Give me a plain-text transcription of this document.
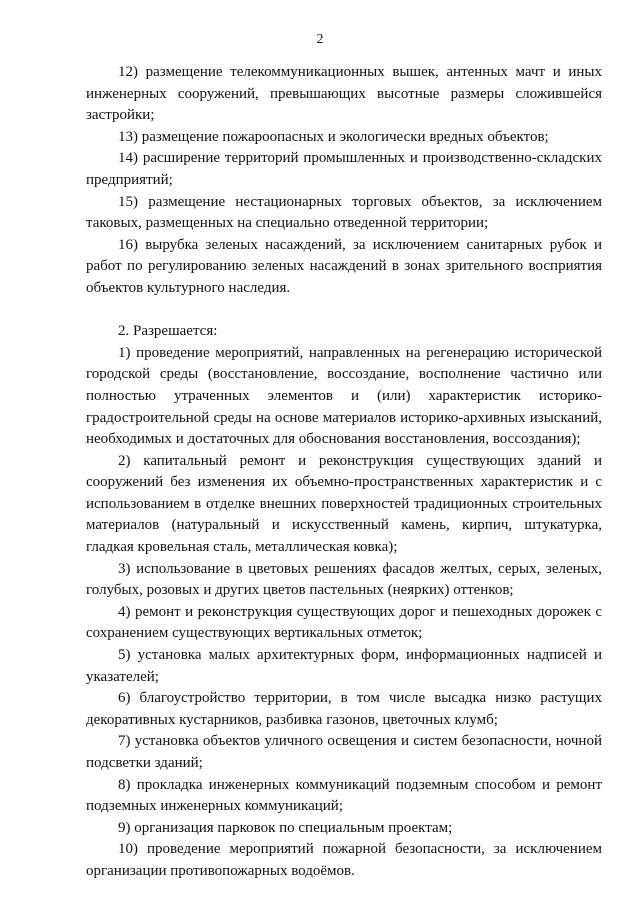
2

12) размещение телекоммуникационных вышек, антенных мачт и иных инженерных сооружений, превышающих высотные размеры сложившейся застройки;

13) размещение пожароопасных и экологически вредных объектов;

14) расширение территорий промышленных и производственно-складских предприятий;

15) размещение нестационарных торговых объектов, за исключением таковых, размещенных на специально отведенной территории;

16) вырубка зеленых насаждений, за исключением санитарных рубок и работ по регулированию зеленых насаждений в зонах зрительного восприятия объектов культурного наследия.

2. Разрешается:

1) проведение мероприятий, направленных на регенерацию исторической городской среды (восстановление, воссоздание, восполнение частично или полностью утраченных элементов и (или) характеристик историко-градостроительной среды на основе материалов историко-архивных изысканий, необходимых и достаточных для обоснования восстановления, воссоздания);

2) капитальный ремонт и реконструкция существующих зданий и сооружений без изменения их объемно-пространственных характеристик и с использованием в отделке внешних поверхностей традиционных строительных материалов (натуральный и искусственный камень, кирпич, штукатурка, гладкая кровельная сталь, металлическая ковка);

3) использование в цветовых решениях фасадов желтых, серых, зеленых, голубых, розовых и других цветов пастельных (неярких) оттенков;

4) ремонт и реконструкция существующих дорог и пешеходных дорожек с сохранением существующих вертикальных отметок;

5) установка малых архитектурных форм, информационных надписей и указателей;

6) благоустройство территории, в том числе высадка низко растущих декоративных кустарников, разбивка газонов, цветочных клумб;

7) установка объектов уличного освещения и систем безопасности, ночной подсветки зданий;

8) прокладка инженерных коммуникаций подземным способом и ремонт подземных инженерных коммуникаций;

9) организация парковок по специальным проектам;

10) проведение мероприятий пожарной безопасности, за исключением организации противопожарных водоёмов.
